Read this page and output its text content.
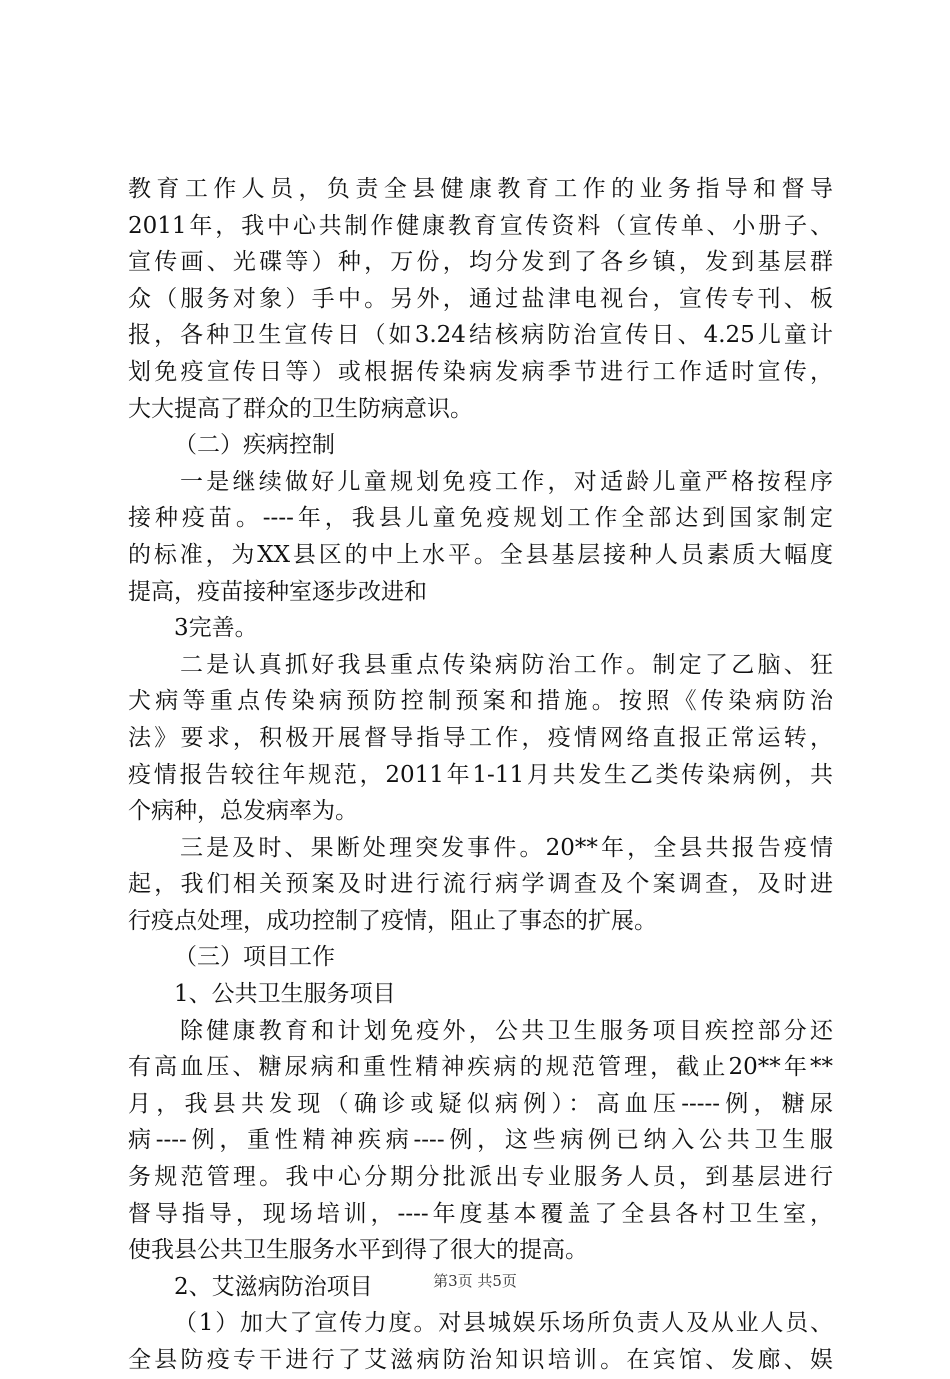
教育工作人员，负责全县健康教育工作的业务指导和督导
2011年，我中心共制作健康教育宣传资料（宣传单、小册子、
宣传画、光碟等）种，万份，均分发到了各乡镇，发到基层群
众（服务对象）手中。另外，通过盐津电视台，宣传专刊、板
报，各种卫生宣传日（如3.24结核病防治宣传日、4.25儿童计
划免疫宣传日等）或根据传染病发病季节进行工作适时宣传，
大大提高了群众的卫生防病意识。
（二）疾病控制
一是继续做好儿童规划免疫工作，对适龄儿童严格按程序
接种疫苗。----年，我县儿童免疫规划工作全部达到国家制定
的标准，为XX县区的中上水平。全县基层接种人员素质大幅度
提高，疫苗接种室逐步改进和
3完善。
二是认真抓好我县重点传染病防治工作。制定了乙脑、狂
犬病等重点传染病预防控制预案和措施。按照《传染病防治
法》要求，积极开展督导指导工作，疫情网络直报正常运转，
疫情报告较往年规范，2011年1-11月共发生乙类传染病例，共
个病种，总发病率为。
三是及时、果断处理突发事件。20**年，全县共报告疫情
起，我们相关预案及时进行流行病学调查及个案调查，及时进
行疫点处理，成功控制了疫情，阻止了事态的扩展。
（三）项目工作
1、公共卫生服务项目
除健康教育和计划免疫外，公共卫生服务项目疾控部分还
有高血压、糖尿病和重性精神疾病的规范管理，截止20**年**
月，我县共发现（确诊或疑似病例）：高血压-----例，糖尿
病----例，重性精神疾病----例，这些病例已纳入公共卫生服
务规范管理。我中心分期分批派出专业服务人员，到基层进行
督导指导，现场培训，----年度基本覆盖了全县各村卫生室，
使我县公共卫生服务水平到得了很大的提高。
2、艾滋病防治项目
（1）加大了宣传力度。对县城娱乐场所负责人及从业人员、
全县防疫专干进行了艾滋病防治知识培训。在宾馆、发廊、娱
第3页 共5页
